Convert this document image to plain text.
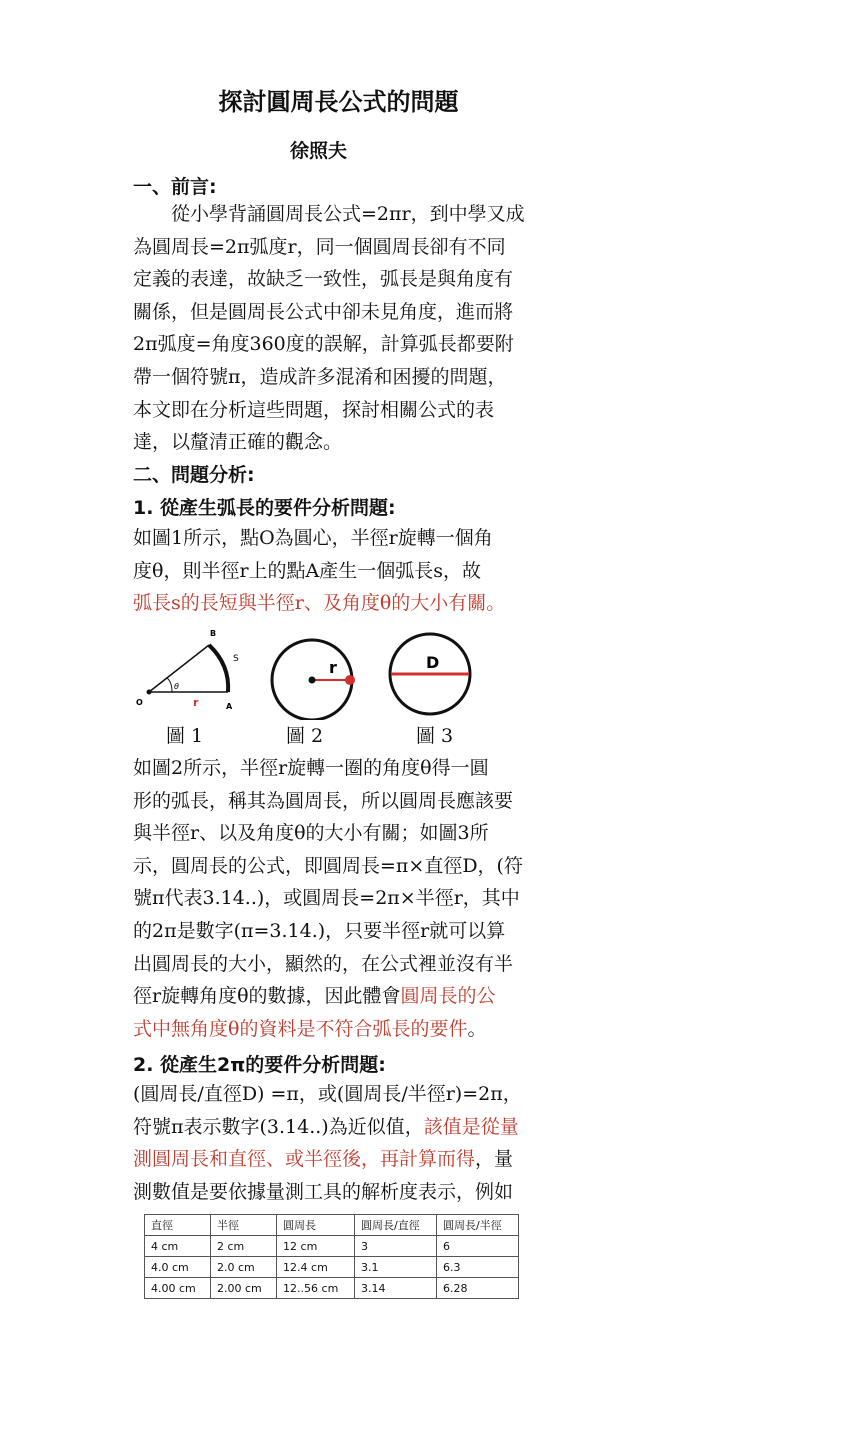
探討圓周長公式的問題
徐照夫
一、前言:
從小學背誦圓周長公式=2πr，到中學又成
為圓周長=2π弧度r，同一個圓周長卻有不同
定義的表達，故缺乏一致性，弧長是與角度有
關係，但是圓周長公式中卻未見角度，進而將
2π弧度=角度360度的誤解，計算弧長都要附
帶一個符號π，造成許多混淆和困擾的問題，
本文即在分析這些問題，探討相關公式的表
達，以釐清正確的觀念。
二、問題分析:
1. 從產生弧長的要件分析問題:
如圖1所示，點O為圓心，半徑r旋轉一個角
度θ，則半徑r上的點A產生一個弧長s，故
弧長s的長短與半徑r、及角度θ的大小有關。
B
S
θ
O	r	A
r	D
圖 1	圖 2	圖 3
如圖2所示，半徑r旋轉一圈的角度θ得一圓
形的弧長，稱其為圓周長，所以圓周長應該要
與半徑r、以及角度θ的大小有關；如圖3所
示，圓周長的公式，即圓周長=π×直徑D，(符
號π代表3.14..)，或圓周長=2π×半徑r，其中
的2π是數字(π=3.14.)，只要半徑r就可以算
出圓周長的大小，顯然的，在公式裡並沒有半
徑r旋轉角度θ的數據，因此體會圓周長的公
式中無角度θ的資料是不符合弧長的要件。
2. 從產生2π的要件分析問題:
(圓周長/直徑D) =π，或(圓周長/半徑r)=2π，
符號π表示數字(3.14..)為近似值，該值是從量
測圓周長和直徑、或半徑後，再計算而得，量
測數值是要依據量測工具的解析度表示，例如
直徑	半徑	圓周長	圓周長/直徑	圓周長/半徑
4 cm	2 cm	12 cm	3	6
4.0 cm	2.0 cm	12.4 cm	3.1	6.3
4.00 cm	2.00 cm	12..56 cm	3.14	6.28
